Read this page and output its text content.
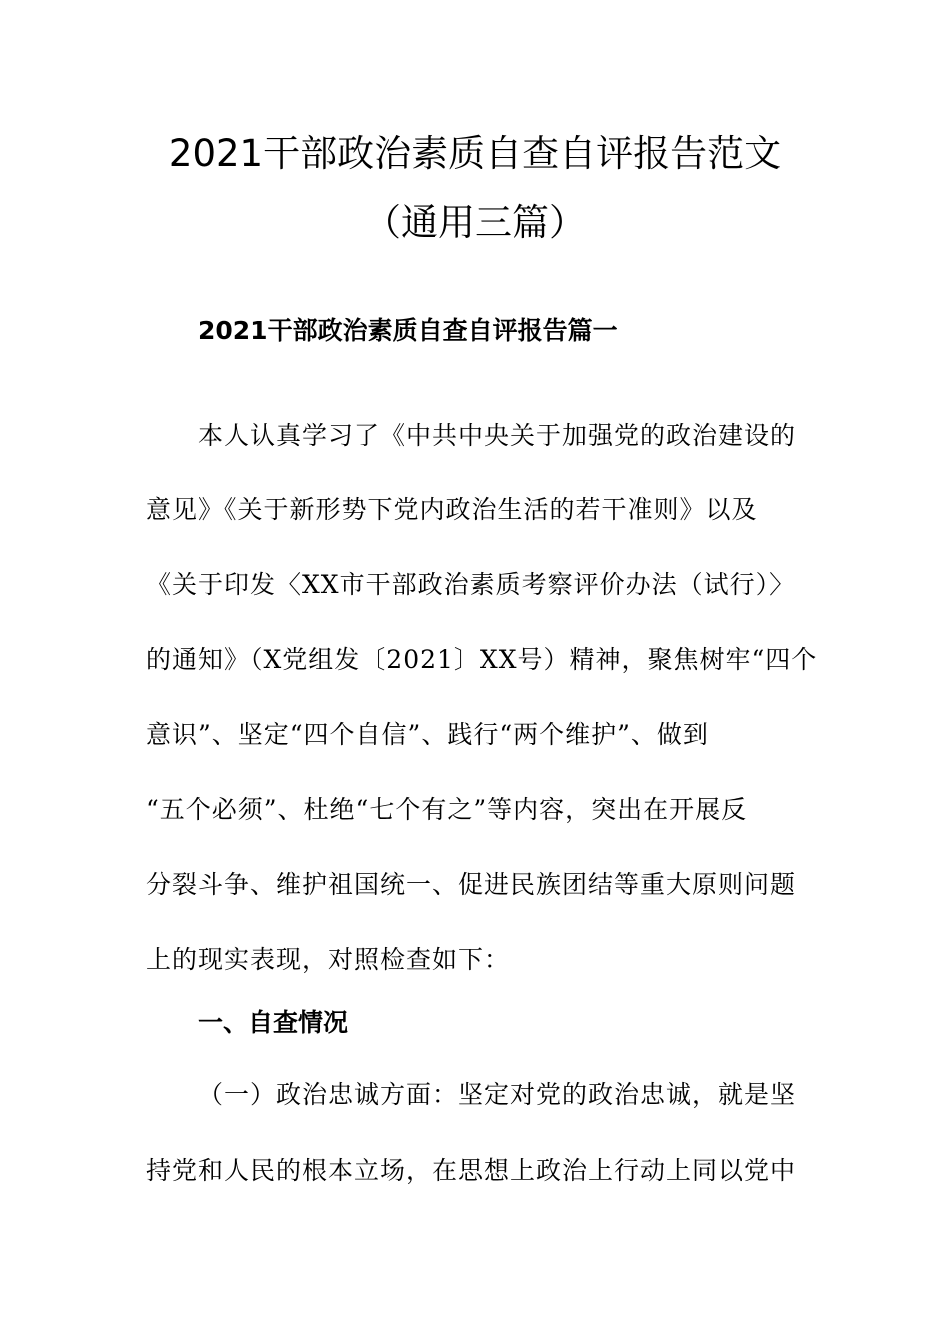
2021干部政治素质自查自评报告范文
（通用三篇）
2021干部政治素质自查自评报告篇一
本人认真学习了《中共中央关于加强党的政治建设的
意见》《关于新形势下党内政治生活的若干准则》以及
《关于印发〈XX市干部政治素质考察评价办法（试行）〉
的通知》（X党组发〔2021〕XX号）精神，聚焦树牢“四个
意识”、坚定“四个自信”、践行“两个维护”、做到
“五个必须”、杜绝“七个有之”等内容，突出在开展反
分裂斗争、维护祖国统一、促进民族团结等重大原则问题
上的现实表现，对照检查如下：
一、自查情况
（一）政治忠诚方面：坚定对党的政治忠诚，就是坚
持党和人民的根本立场，在思想上政治上行动上同以党中
